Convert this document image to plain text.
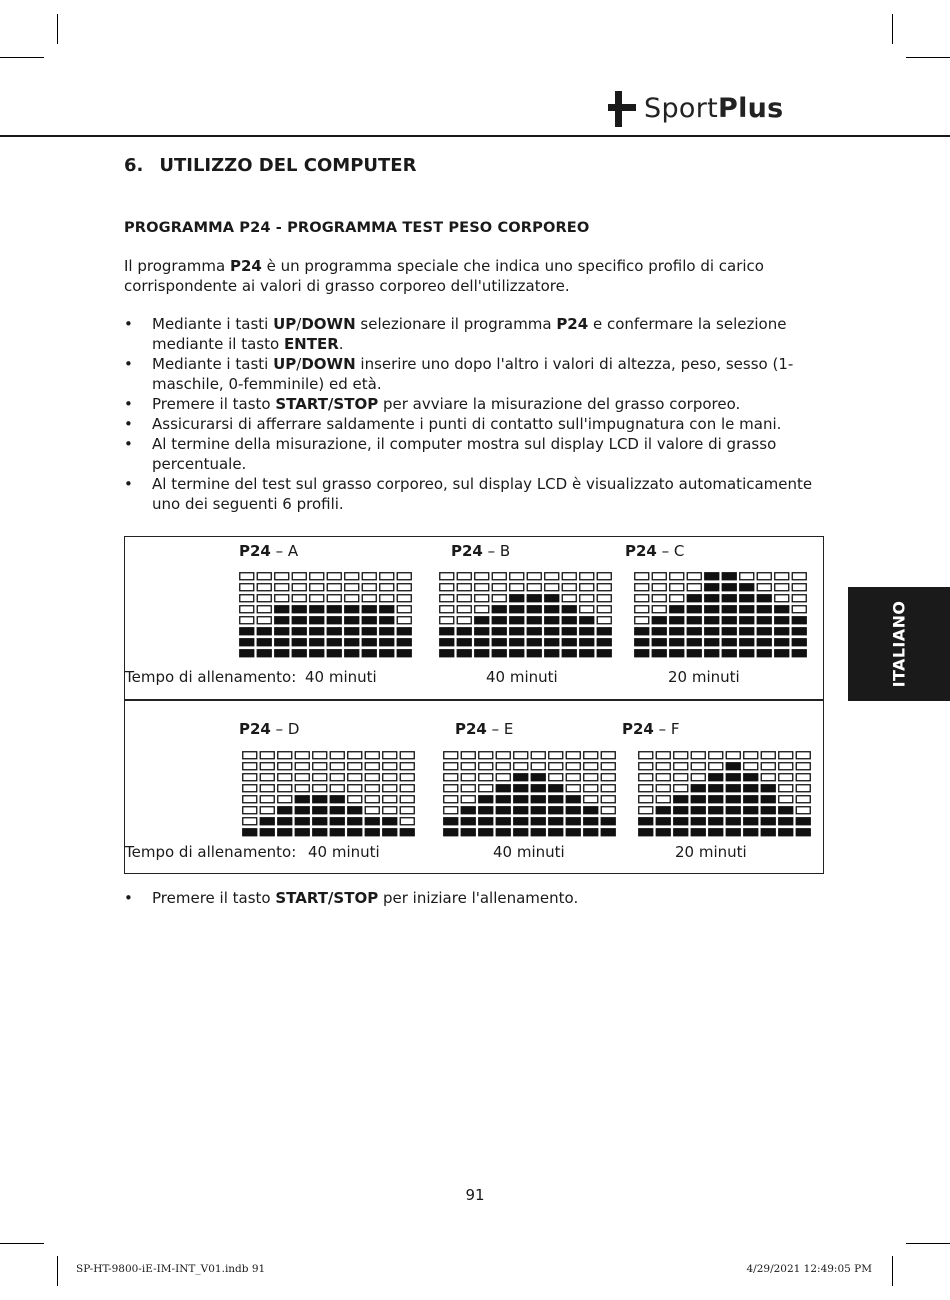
SportPlus
6. UTILIZZO DEL COMPUTER
PROGRAMMA P24 - PROGRAMMA TEST PESO CORPOREO

Il programma P24 è un programma speciale che indica uno specifico profilo di carico corrispondente ai valori di grasso corporeo dell'utilizzatore.

• Mediante i tasti UP/DOWN selezionare il programma P24 e confermare la selezione mediante il tasto ENTER.
• Mediante i tasti UP/DOWN inserire uno dopo l'altro i valori di altezza, peso, sesso (1-maschile, 0-femminile) ed età.
• Premere il tasto START/STOP per avviare la misurazione del grasso corporeo.
• Assicurarsi di afferrare saldamente i punti di contatto sull'impugnatura con le mani.
• Al termine della misurazione, il computer mostra sul display LCD il valore di grasso percentuale.
• Al termine del test sul grasso corporeo, sul display LCD è visualizzato automaticamente uno dei seguenti 6 profili.
P24 – A	P24 – B	P24 – C
Tempo di allenamento: 40 minuti	40 minuti	20 minuti
P24 – D	P24 – E	P24 – F
Tempo di allenamento: 40 minuti	40 minuti	20 minuti
• Premere il tasto START/STOP per iniziare l'allenamento.
91
ITALIANO
SP-HT-9800-iE-IM-INT_V01.indb 91	4/29/2021 12:49:05 PM
